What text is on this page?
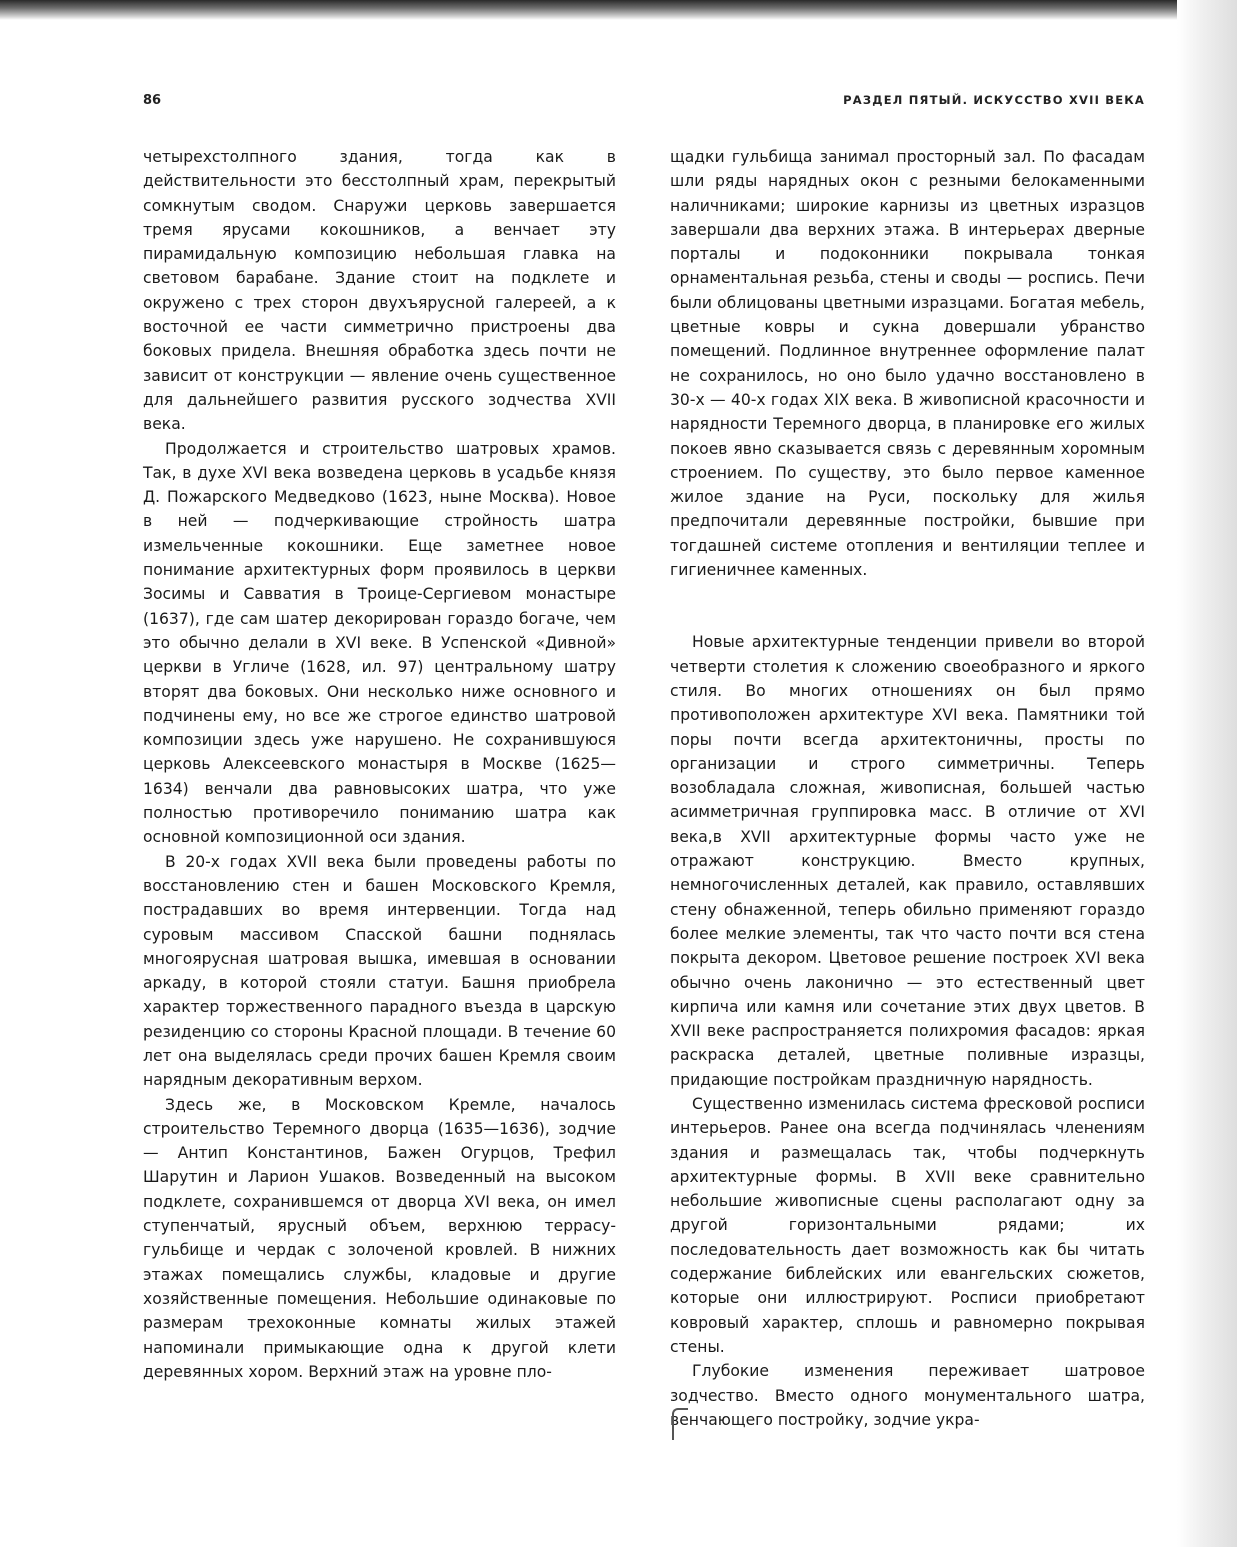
86	РАЗДЕЛ ПЯТЫЙ. ИСКУССТВО XVII ВЕКА

четырехстолпного здания, тогда как в действительности это бесстолпный храм, перекрытый сомкнутым сводом. Снаружи церковь завершается тремя ярусами кокошников, а венчает эту пирамидальную композицию небольшая главка на световом барабане. Здание стоит на подклете и окружено с трех сторон двухъярусной галереей, а к восточной ее части симметрично пристроены два боковых придела. Внешняя обработка здесь почти не зависит от конструкции — явление очень существенное для дальнейшего развития русского зодчества XVII века.

Продолжается и строительство шатровых храмов. Так, в духе XVI века возведена церковь в усадьбе князя Д. Пожарского Медведково (1623, ныне Москва). Новое в ней — подчеркивающие стройность шатра измельченные кокошники. Еще заметнее новое понимание архитектурных форм проявилось в церкви Зосимы и Савватия в Троице-Сергиевом монастыре (1637), где сам шатер декорирован гораздо богаче, чем это обычно делали в XVI веке. В Успенской «Дивной» церкви в Угличе (1628, ил. 97) центральному шатру вторят два боковых. Они несколько ниже основного и подчинены ему, но все же строгое единство шатровой композиции здесь уже нарушено. Не сохранившуюся церковь Алексеевского монастыря в Москве (1625—1634) венчали два равновысоких шатра, что уже полностью противоречило пониманию шатра как основной композиционной оси здания.

В 20-х годах XVII века были проведены работы по восстановлению стен и башен Московского Кремля, пострадавших во время интервенции. Тогда над суровым массивом Спасской башни поднялась многоярусная шатровая вышка, имевшая в основании аркаду, в которой стояли статуи. Башня приобрела характер торжественного парадного въезда в царскую резиденцию со стороны Красной площади. В течение 60 лет она выделялась среди прочих башен Кремля своим нарядным декоративным верхом.

Здесь же, в Московском Кремле, началось строительство Теремного дворца (1635—1636), зодчие — Антип Константинов, Бажен Огурцов, Трефил Шарутин и Ларион Ушаков. Возведенный на высоком подклете, сохранившемся от дворца XVI века, он имел ступенчатый, ярусный объем, верхнюю террасу-гульбище и чердак с золоченой кровлей. В нижних этажах помещались службы, кладовые и другие хозяйственные помещения. Небольшие одинаковые по размерам трехоконные комнаты жилых этажей напоминали примыкающие одна к другой клети деревянных хором. Верхний этаж на уровне пло-

щадки гульбища занимал просторный зал. По фасадам шли ряды нарядных окон с резными белокаменными наличниками; широкие карнизы из цветных изразцов завершали два верхних этажа. В интерьерах дверные порталы и подоконники покрывала тонкая орнаментальная резьба, стены и своды — роспись. Печи были облицованы цветными изразцами. Богатая мебель, цветные ковры и сукна довершали убранство помещений. Подлинное внутреннее оформление палат не сохранилось, но оно было удачно восстановлено в 30-х — 40-х годах XIX века. В живописной красочности и нарядности Теремного дворца, в планировке его жилых покоев явно сказывается связь с деревянным хоромным строением. По существу, это было первое каменное жилое здание на Руси, поскольку для жилья предпочитали деревянные постройки, бывшие при тогдашней системе отопления и вентиляции теплее и гигиеничнее каменных.

Новые архитектурные тенденции привели во второй четверти столетия к сложению своеобразного и яркого стиля. Во многих отношениях он был прямо противоположен архитектуре XVI века. Памятники той поры почти всегда архитектоничны, просты по организации и строго симметричны. Теперь возобладала сложная, живописная, большей частью асимметричная группировка масс. В отличие от XVI века,в XVII архитектурные формы часто уже не отражают конструкцию. Вместо крупных, немногочисленных деталей, как правило, оставлявших стену обнаженной, теперь обильно применяют гораздо более мелкие элементы, так что часто почти вся стена покрыта декором. Цветовое решение построек XVI века обычно очень лаконично — это естественный цвет кирпича или камня или сочетание этих двух цветов. В XVII веке распространяется полихромия фасадов: яркая раскраска деталей, цветные поливные изразцы, придающие постройкам праздничную нарядность.

Существенно изменилась система фресковой росписи интерьеров. Ранее она всегда подчинялась членениям здания и размещалась так, чтобы подчеркнуть архитектурные формы. В XVII веке сравнительно небольшие живописные сцены располагают одну за другой горизонтальными рядами; их последовательность дает возможность как бы читать содержание библейских или евангельских сюжетов, которые они иллюстрируют. Росписи приобретают ковровый характер, сплошь и равномерно покрывая стены.

Глубокие изменения переживает шатровое зодчество. Вместо одного монументального шатра, венчающего постройку, зодчие укра-
